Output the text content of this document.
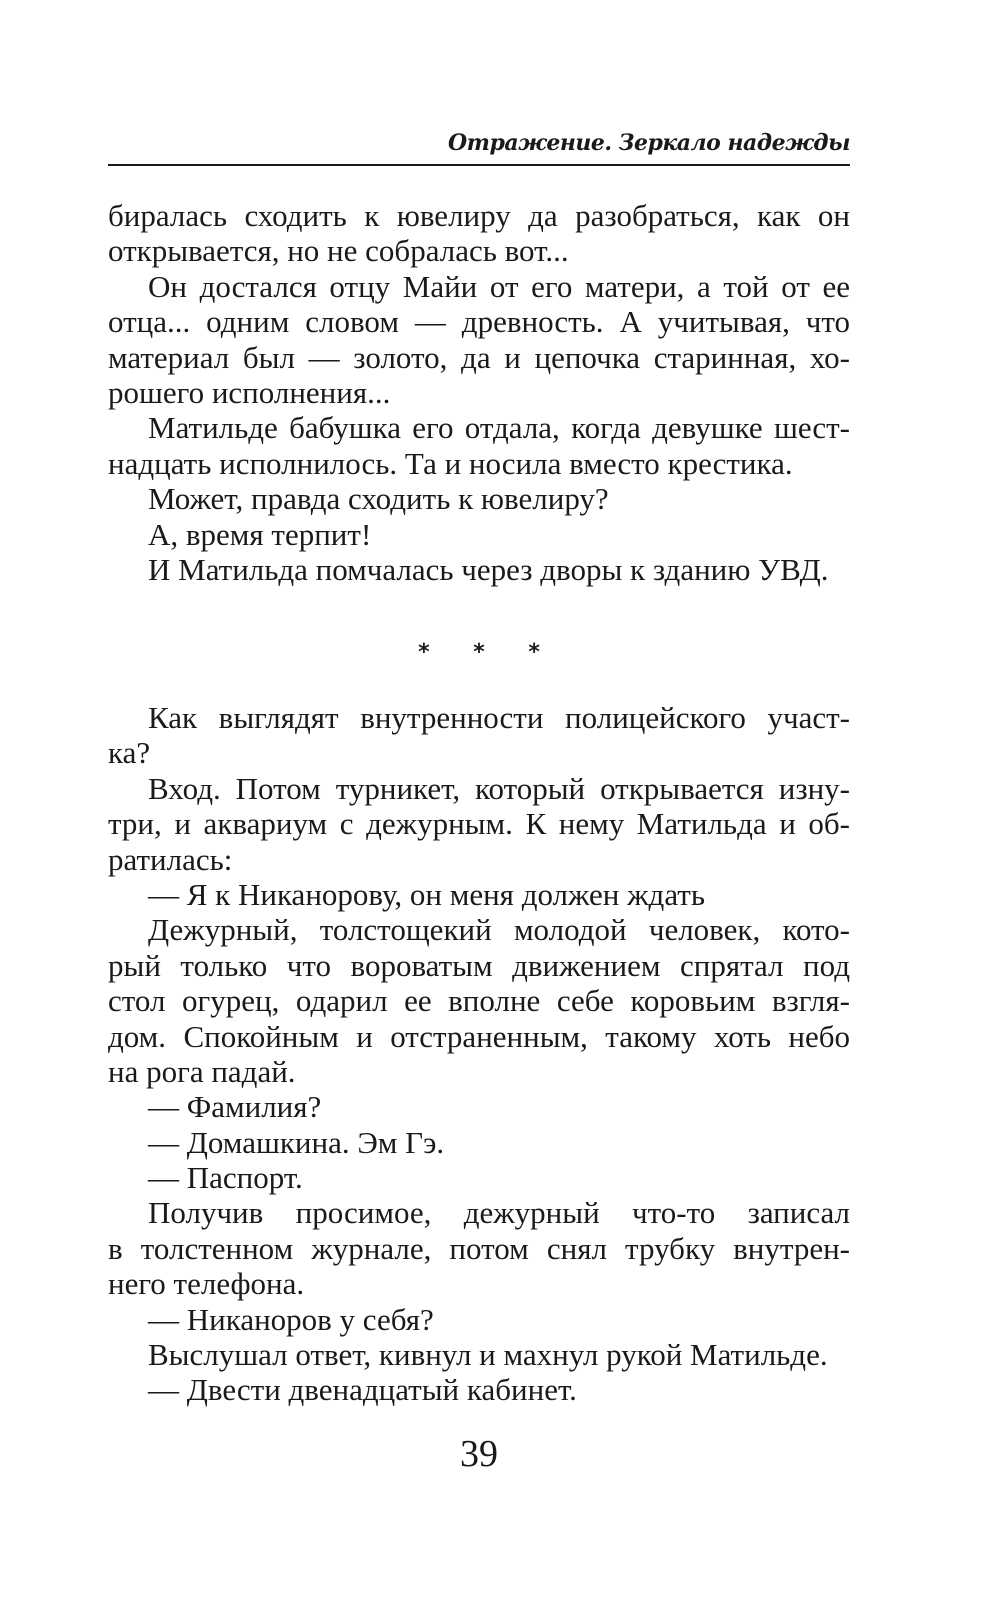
Отражение. Зеркало надежды
биралась сходить к ювелиру да разобраться, как он
открывается, но не собралась вот...
Он достался отцу Майи от его матери, а той от ее
отца... одним словом — древность. А учитывая, что
материал был — золото, да и цепочка старинная, хо-
рошего исполнения...
Матильде бабушка его отдала, когда девушке шест-
надцать исполнилось. Та и носила вместо крестика.
Может, правда сходить к ювелиру?
А, время терпит!
И Матильда помчалась через дворы к зданию УВД.
* * *
Как выглядят внутренности полицейского участ-
ка?
Вход. Потом турникет, который открывается изну-
три, и аквариум с дежурным. К нему Матильда и об-
ратилась:
— Я к Никанорову, он меня должен ждать
Дежурный, толстощекий молодой человек, кото-
рый только что вороватым движением спрятал под
стол огурец, одарил ее вполне себе коровьим взгля-
дом. Спокойным и отстраненным, такому хоть небо
на рога падай.
— Фамилия?
— Домашкина. Эм Гэ.
— Паспорт.
Получив просимое, дежурный что-то записал
в толстенном журнале, потом снял трубку внутрен-
него телефона.
— Никаноров у себя?
Выслушал ответ, кивнул и махнул рукой Матильде.
— Двести двенадцатый кабинет.
39
